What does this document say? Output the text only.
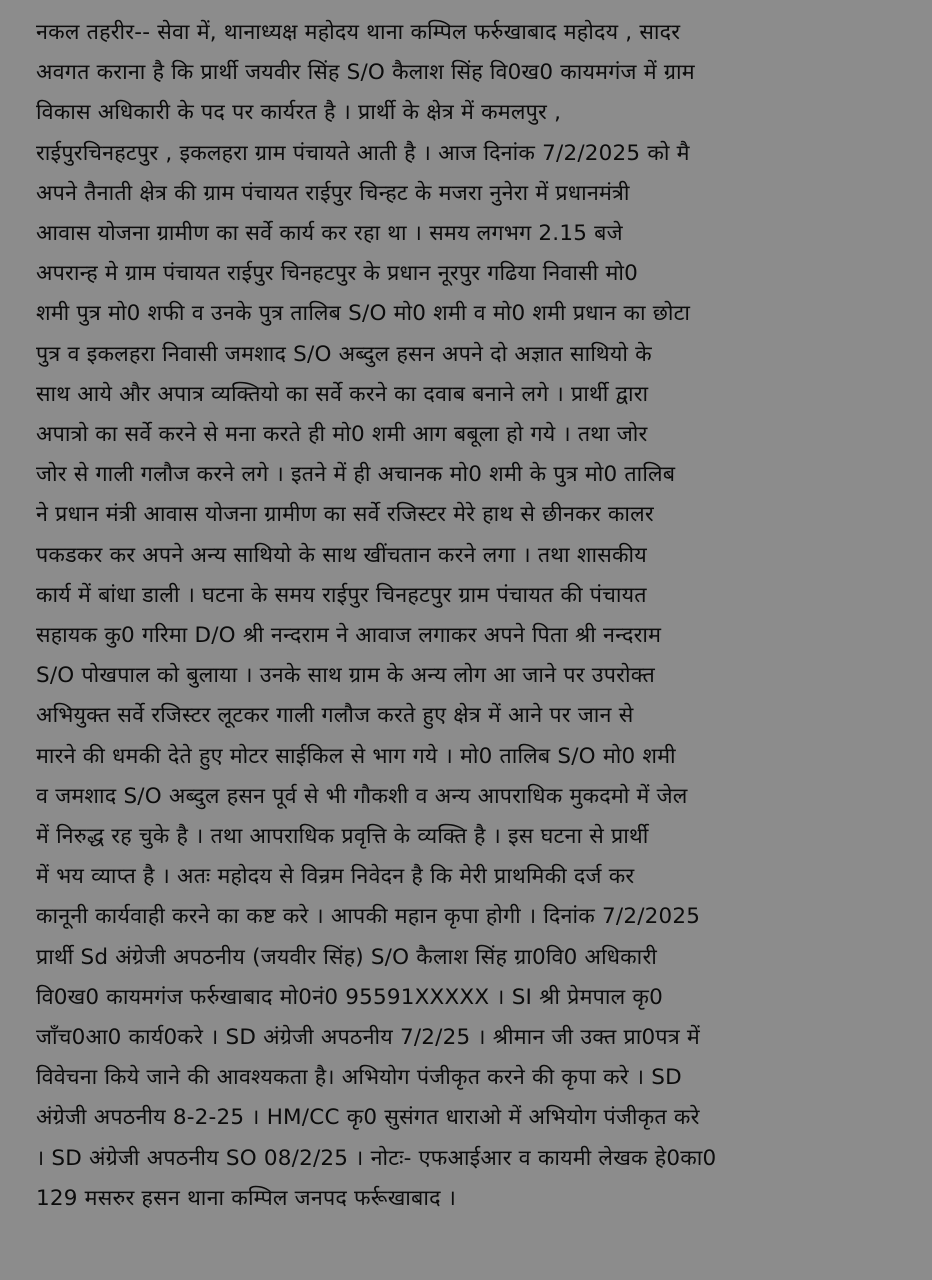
नकल तहरीर-- सेवा में, थानाध्यक्ष महोदय थाना कम्पिल फर्रुखाबाद महोदय , सादर
अवगत कराना है कि प्रार्थी जयवीर सिंह S/O कैलाश सिंह वि0ख0 कायमगंज में ग्राम
विकास अधिकारी के पद पर कार्यरत है । प्रार्थी के क्षेत्र में कमलपुर ,
राईपुरचिनहटपुर , इकलहरा ग्राम पंचायते आती है । आज दिनांक 7/2/2025 को मै
अपने तैनाती क्षेत्र की ग्राम पंचायत राईपुर चिन्हट के मजरा नुनेरा में प्रधानमंत्री
आवास योजना ग्रामीण का सर्वे कार्य कर रहा था । समय लगभग 2.15 बजे
अपरान्ह मे ग्राम पंचायत राईपुर चिनहटपुर के प्रधान नूरपुर गढिया निवासी मो0
शमी पुत्र मो0 शफी व उनके पुत्र तालिब S/O मो0 शमी व मो0 शमी प्रधान का छोटा
पुत्र व इकलहरा निवासी जमशाद S/O अब्दुल हसन अपने दो अज्ञात साथियो के
साथ आये और अपात्र व्यक्तियो का सर्वे करने का दवाब बनाने लगे । प्रार्थी द्वारा
अपात्रो का सर्वे करने से मना करते ही मो0 शमी आग बबूला हो गये । तथा जोर
जोर से गाली गलौज करने लगे । इतने में ही अचानक मो0 शमी के पुत्र मो0 तालिब
ने प्रधान मंत्री आवास योजना ग्रामीण का सर्वे रजिस्टर मेरे हाथ से छीनकर कालर
पकडकर कर अपने अन्य साथियो के साथ खींचतान करने लगा । तथा शासकीय
कार्य में बांधा डाली । घटना के समय राईपुर चिनहटपुर ग्राम पंचायत की पंचायत
सहायक कु0 गरिमा D/O श्री नन्दराम ने आवाज लगाकर अपने पिता श्री नन्दराम
S/O पोखपाल को बुलाया । उनके साथ ग्राम के अन्य लोग आ जाने पर उपरोक्त
अभियुक्त सर्वे रजिस्टर लूटकर गाली गलौज करते हुए क्षेत्र में आने पर जान से
मारने की धमकी देते हुए मोटर साईकिल से भाग गये । मो0 तालिब S/O मो0 शमी
व जमशाद S/O अब्दुल हसन पूर्व से भी गौकशी व अन्य आपराधिक मुकदमो में जेल
में निरुद्ध रह चुके है । तथा आपराधिक प्रवृत्ति के व्यक्ति है । इस घटना से प्रार्थी
में भय व्याप्त है । अतः महोदय से विन्रम निवेदन है कि मेरी प्राथमिकी दर्ज कर
कानूनी कार्यवाही करने का कष्ट करे । आपकी महान कृपा होगी । दिनांक 7/2/2025
प्रार्थी Sd अंग्रेजी अपठनीय (जयवीर सिंह) S/O कैलाश सिंह ग्रा0वि0 अधिकारी
वि0ख0 कायमगंज फर्रुखाबाद मो0नं0 95591XXXXX । SI श्री प्रेमपाल कृ0
जाँच0आ0 कार्य0करे । SD अंग्रेजी अपठनीय 7/2/25 । श्रीमान जी उक्त प्रा0पत्र में
विवेचना किये जाने की आवश्यकता है। अभियोग पंजीकृत करने की कृपा करे । SD
अंग्रेजी अपठनीय 8-2-25 । HM/CC कृ0 सुसंगत धाराओ में अभियोग पंजीकृत करे
। SD अंग्रेजी अपठनीय SO 08/2/25 । नोटः- एफआईआर व कायमी लेखक हे0का0
129 मसरुर हसन थाना कम्पिल जनपद फर्रूखाबाद ।
